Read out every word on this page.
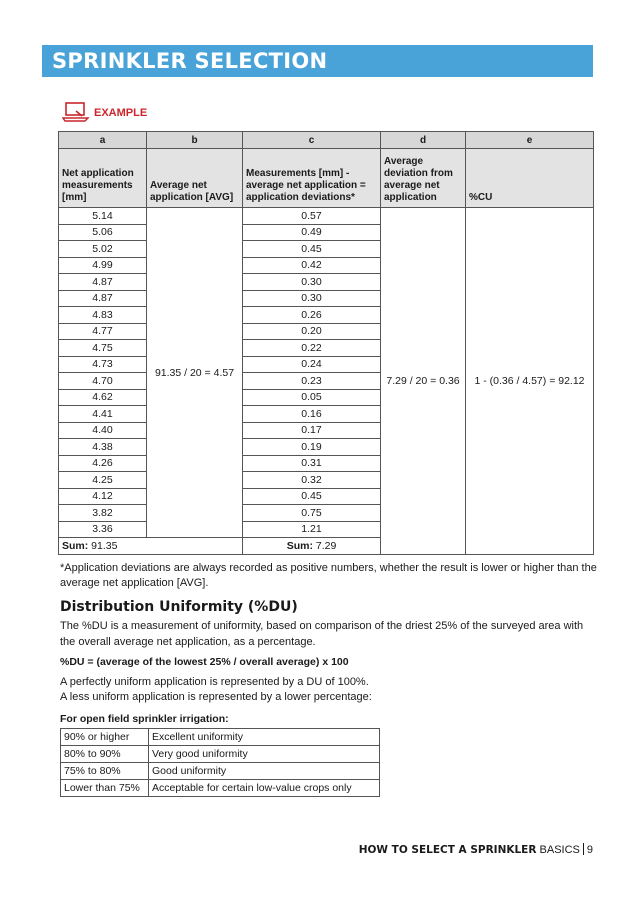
SPRINKLER SELECTION
EXAMPLE
a	b	c	d	e
Net application measurements [mm]	Average net application [AVG]	Measurements [mm] - average net application = application deviations*	Average deviation from average net application	%CU
5.14	91.35 / 20 = 4.57	0.57	7.29 / 20 = 0.36	1 - (0.36 / 4.57) = 92.12
5.06		0.49		
5.02		0.45		
4.99		0.42		
4.87		0.30		
4.87		0.30		
4.83		0.26		
4.77		0.20		
4.75		0.22		
4.73		0.24		
4.70		0.23		
4.62		0.05		
4.41		0.16		
4.40		0.17		
4.38		0.19		
4.26		0.31		
4.25		0.32		
4.12		0.45		
3.82		0.75		
3.36		1.21		
Sum: 91.35		Sum: 7.29		
*Application deviations are always recorded as positive numbers, whether the result is lower or higher than the average net application [AVG].
Distribution Uniformity (%DU)
The %DU is a measurement of uniformity, based on comparison of the driest 25% of the surveyed area with the overall average net application, as a percentage.
%DU = (average of the lowest 25% / overall average) x 100
A perfectly uniform application is represented by a DU of 100%.
A less uniform application is represented by a lower percentage:
For open field sprinkler irrigation:
90% or higher	Excellent uniformity
80% to 90%	Very good uniformity
75% to 80%	Good uniformity
Lower than 75%	Acceptable for certain low-value crops only
HOW TO SELECT A SPRINKLER BASICS 9
